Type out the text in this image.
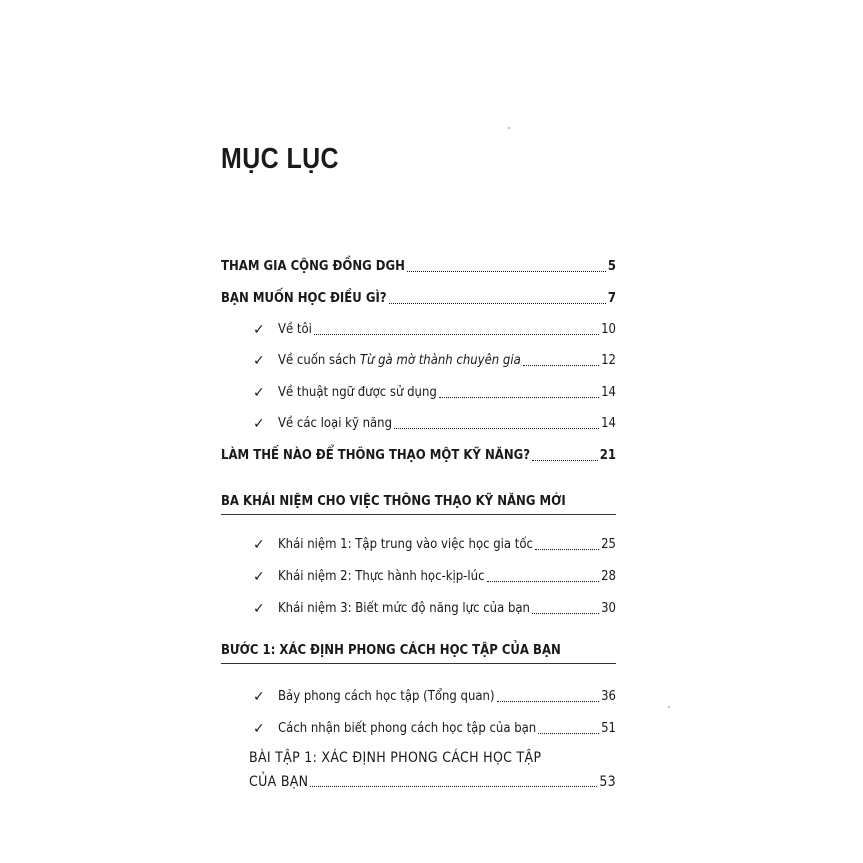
MỤC LỤC
THAM GIA CỘNG ĐỒNG DGH	5
BẠN MUỐN HỌC ĐIỀU GÌ?	7
✓ Về tôi	10
✓ Về cuốn sách Từ gà mờ thành chuyên gia	12
✓ Về thuật ngữ được sử dụng	14
✓ Về các loại kỹ năng	14
LÀM THẾ NÀO ĐỂ THÔNG THẠO MỘT KỸ NĂNG?	21
BA KHÁI NIỆM CHO VIỆC THÔNG THẠO KỸ NĂNG MỚI
✓ Khái niệm 1: Tập trung vào việc học gia tốc	25
✓ Khái niệm 2: Thực hành học-kịp-lúc	28
✓ Khái niệm 3: Biết mức độ năng lực của bạn	30
BƯỚC 1: XÁC ĐỊNH PHONG CÁCH HỌC TẬP CỦA BẠN
✓ Bảy phong cách học tập (Tổng quan)	36
✓ Cách nhận biết phong cách học tập của bạn	51
BÀI TẬP 1: XÁC ĐỊNH PHONG CÁCH HỌC TẬP
CỦA BẠN	53
